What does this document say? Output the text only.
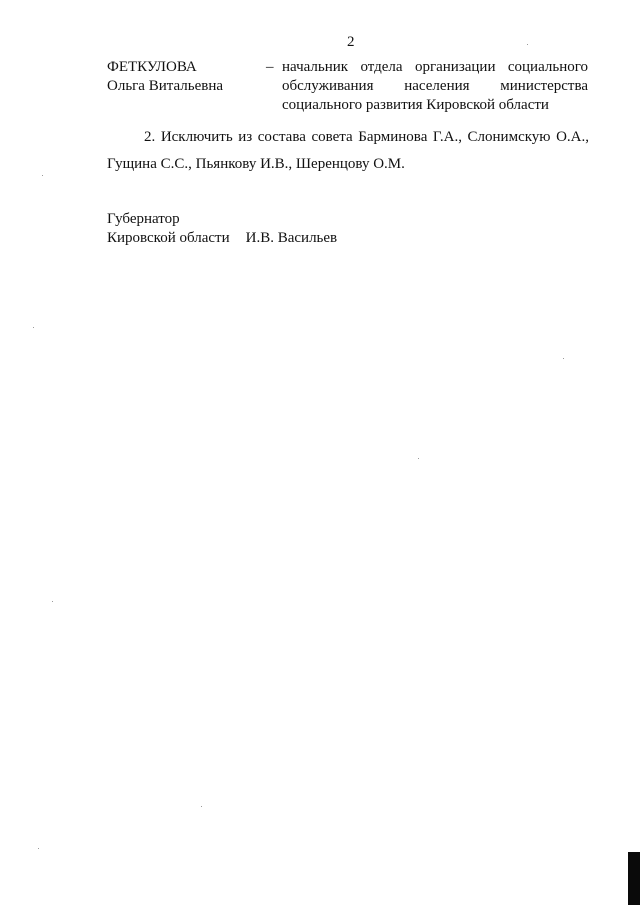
2
ФЕТКУЛОВА
Ольга Витальевна
– начальник отдела организации социального
обслуживания населения министерства
социального развития Кировской области
2. Исключить из состава совета Барминова Г.А., Слонимскую О.А.,
Гущина С.С., Пьянкову И.В., Шеренцову О.М.
Губернатор
Кировской области И.В. Васильев
